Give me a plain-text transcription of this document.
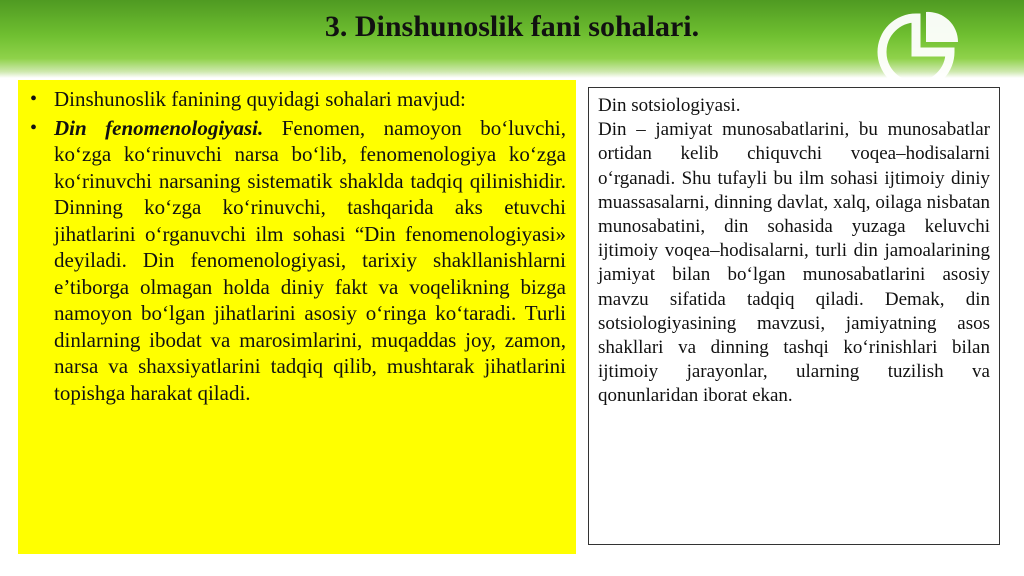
3. Dinshunoslik fani sohalari.
• Dinshunoslik fanining quyidagi sohalari mavjud:
• Din fenomenologiyasi. Fenomen, namoyon bo‘luvchi, ko‘zga ko‘rinuvchi narsa bo‘lib, fenomenologiya ko‘zga ko‘rinuvchi narsaning sistematik shaklda tadqiq qilinishidir. Dinning ko‘zga ko‘rinuvchi, tashqarida aks etuvchi jihatlarini o‘rganuvchi ilm sohasi “Din fenomenologiyasi» deyiladi. Din fenomenologiyasi, tarixiy shakllanishlarni e’tiborga olmagan holda diniy fakt va voqelikning bizga namoyon bo‘lgan jihatlarini asosiy o‘ringa ko‘taradi. Turli dinlarning ibodat va marosimlarini, muqaddas joy, zamon, narsa va shaxsiyatlarini tadqiq qilib, mushtarak jihatlarini topishga harakat qiladi.
Din sotsiologiyasi.
Din – jamiyat munosabatlarini, bu munosabatlar ortidan kelib chiquvchi voqea–hodisalarni o‘rganadi. Shu tufayli bu ilm sohasi ijtimoiy diniy muassasalarni, dinning davlat, xalq, oilaga nisbatan munosabatini, din sohasida yuzaga keluvchi ijtimoiy voqea–hodisalarni, turli din jamoalarining jamiyat bilan bo‘lgan munosabatlarini asosiy mavzu sifatida tadqiq qiladi. Demak, din sotsiologiyasining mavzusi, jamiyatning asos shakllari va dinning tashqi ko‘rinishlari bilan ijtimoiy jarayonlar, ularning tuzilish va qonunlaridan iborat ekan.
